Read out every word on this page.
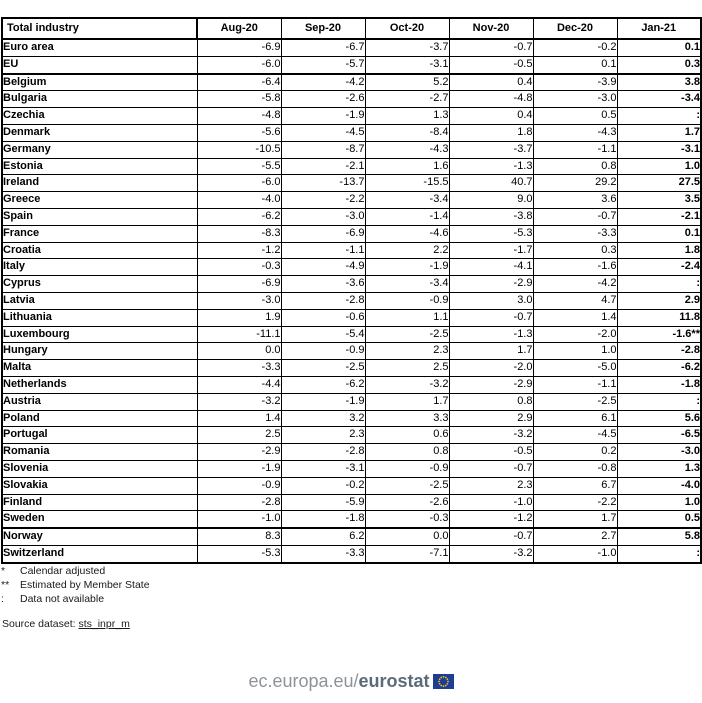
Total industry	Aug-20	Sep-20	Oct-20	Nov-20	Dec-20	Jan-21
Euro area	-6.9	-6.7	-3.7	-0.7	-0.2	0.1
EU	-6.0	-5.7	-3.1	-0.5	0.1	0.3
Belgium	-6.4	-4.2	5.2	0.4	-3.9	3.8
Bulgaria	-5.8	-2.6	-2.7	-4.8	-3.0	-3.4
Czechia	-4.8	-1.9	1.3	0.4	0.5	:
Denmark	-5.6	-4.5	-8.4	1.8	-4.3	1.7
Germany	-10.5	-8.7	-4.3	-3.7	-1.1	-3.1
Estonia	-5.5	-2.1	1.6	-1.3	0.8	1.0
Ireland	-6.0	-13.7	-15.5	40.7	29.2	27.5
Greece	-4.0	-2.2	-3.4	9.0	3.6	3.5
Spain	-6.2	-3.0	-1.4	-3.8	-0.7	-2.1
France	-8.3	-6.9	-4.6	-5.3	-3.3	0.1
Croatia	-1.2	-1.1	2.2	-1.7	0.3	1.8
Italy	-0.3	-4.9	-1.9	-4.1	-1.6	-2.4
Cyprus	-6.9	-3.6	-3.4	-2.9	-4.2	:
Latvia	-3.0	-2.8	-0.9	3.0	4.7	2.9
Lithuania	1.9	-0.6	1.1	-0.7	1.4	11.8
Luxembourg	-11.1	-5.4	-2.5	-1.3	-2.0	-1.6**
Hungary	0.0	-0.9	2.3	1.7	1.0	-2.8
Malta	-3.3	-2.5	2.5	-2.0	-5.0	-6.2
Netherlands	-4.4	-6.2	-3.2	-2.9	-1.1	-1.8
Austria	-3.2	-1.9	1.7	0.8	-2.5	:
Poland	1.4	3.2	3.3	2.9	6.1	5.6
Portugal	2.5	2.3	0.6	-3.2	-4.5	-6.5
Romania	-2.9	-2.8	0.8	-0.5	0.2	-3.0
Slovenia	-1.9	-3.1	-0.9	-0.7	-0.8	1.3
Slovakia	-0.9	-0.2	-2.5	2.3	6.7	-4.0
Finland	-2.8	-5.9	-2.6	-1.0	-2.2	1.0
Sweden	-1.0	-1.8	-0.3	-1.2	1.7	0.5
Norway	8.3	6.2	0.0	-0.7	2.7	5.8
Switzerland	-5.3	-3.3	-7.1	-3.2	-1.0	:
*	Calendar adjusted
**	Estimated by Member State
:	Data not available
Source dataset: sts_inpr_m
ec.europa.eu/eurostat
